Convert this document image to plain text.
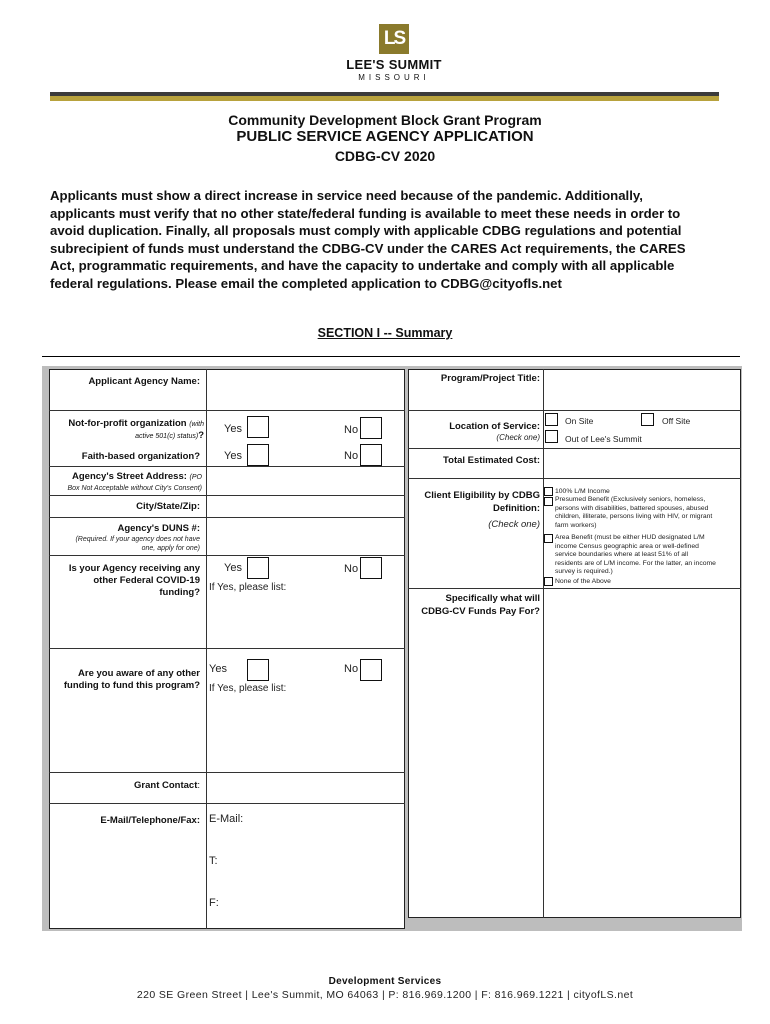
LS
LEE'S SUMMIT
MISSOURI
Community Development Block Grant Program
PUBLIC SERVICE AGENCY APPLICATION
CDBG-CV 2020
Applicants must show a direct increase in service need because of the pandemic. Additionally,
applicants must verify that no other state/federal funding is available to meet these needs in order to
avoid duplication. Finally, all proposals must comply with applicable CDBG regulations and potential
subrecipient of funds must understand the CDBG-CV under the CARES Act requirements, the CARES
Act, programmatic requirements, and have the capacity to undertake and comply with all applicable
federal regulations. Please email the completed application to CDBG@cityofls.net
SECTION I -- Summary
Applicant Agency Name:
Not-for-profit organization (with
active 501(c) status)?
Yes	No
Faith-based organization? Yes	No
Agency's Street Address: (PO
Box Not Acceptable without City's Consent)
City/State/Zip:
Agency's DUNS #:
(Required. If your agency does not have
one, apply for one)
Is your Agency receiving any
other Federal COVID-19
funding?
Yes	No
If Yes, please list:
Are you aware of any other
funding to fund this program?
Yes	No
If Yes, please list:
Grant Contact:
E-Mail/Telephone/Fax: E-Mail:
T:
F:
Program/Project Title:
Location of Service:
(Check one)
On Site	Off Site
Out of Lee's Summit
Total Estimated Cost:
Client Eligibility by CDBG
Definition:
(Check one)
100% L/M Income
Presumed Benefit (Exclusively seniors, homeless,
persons with disabilities, battered spouses, abused
children, illiterate, persons living with HIV, or migrant
farm workers)
Area Benefit (must be either HUD designated L/M
income Census geographic area or well-defined
service boundaries where at least 51% of all
residents are of L/M income. For the latter, an income
survey is required.)
None of the Above
Specifically what will
CDBG-CV Funds Pay For?
Development Services
220 SE Green Street | Lee's Summit, MO 64063 | P: 816.969.1200 | F: 816.969.1221 | cityofLS.net
